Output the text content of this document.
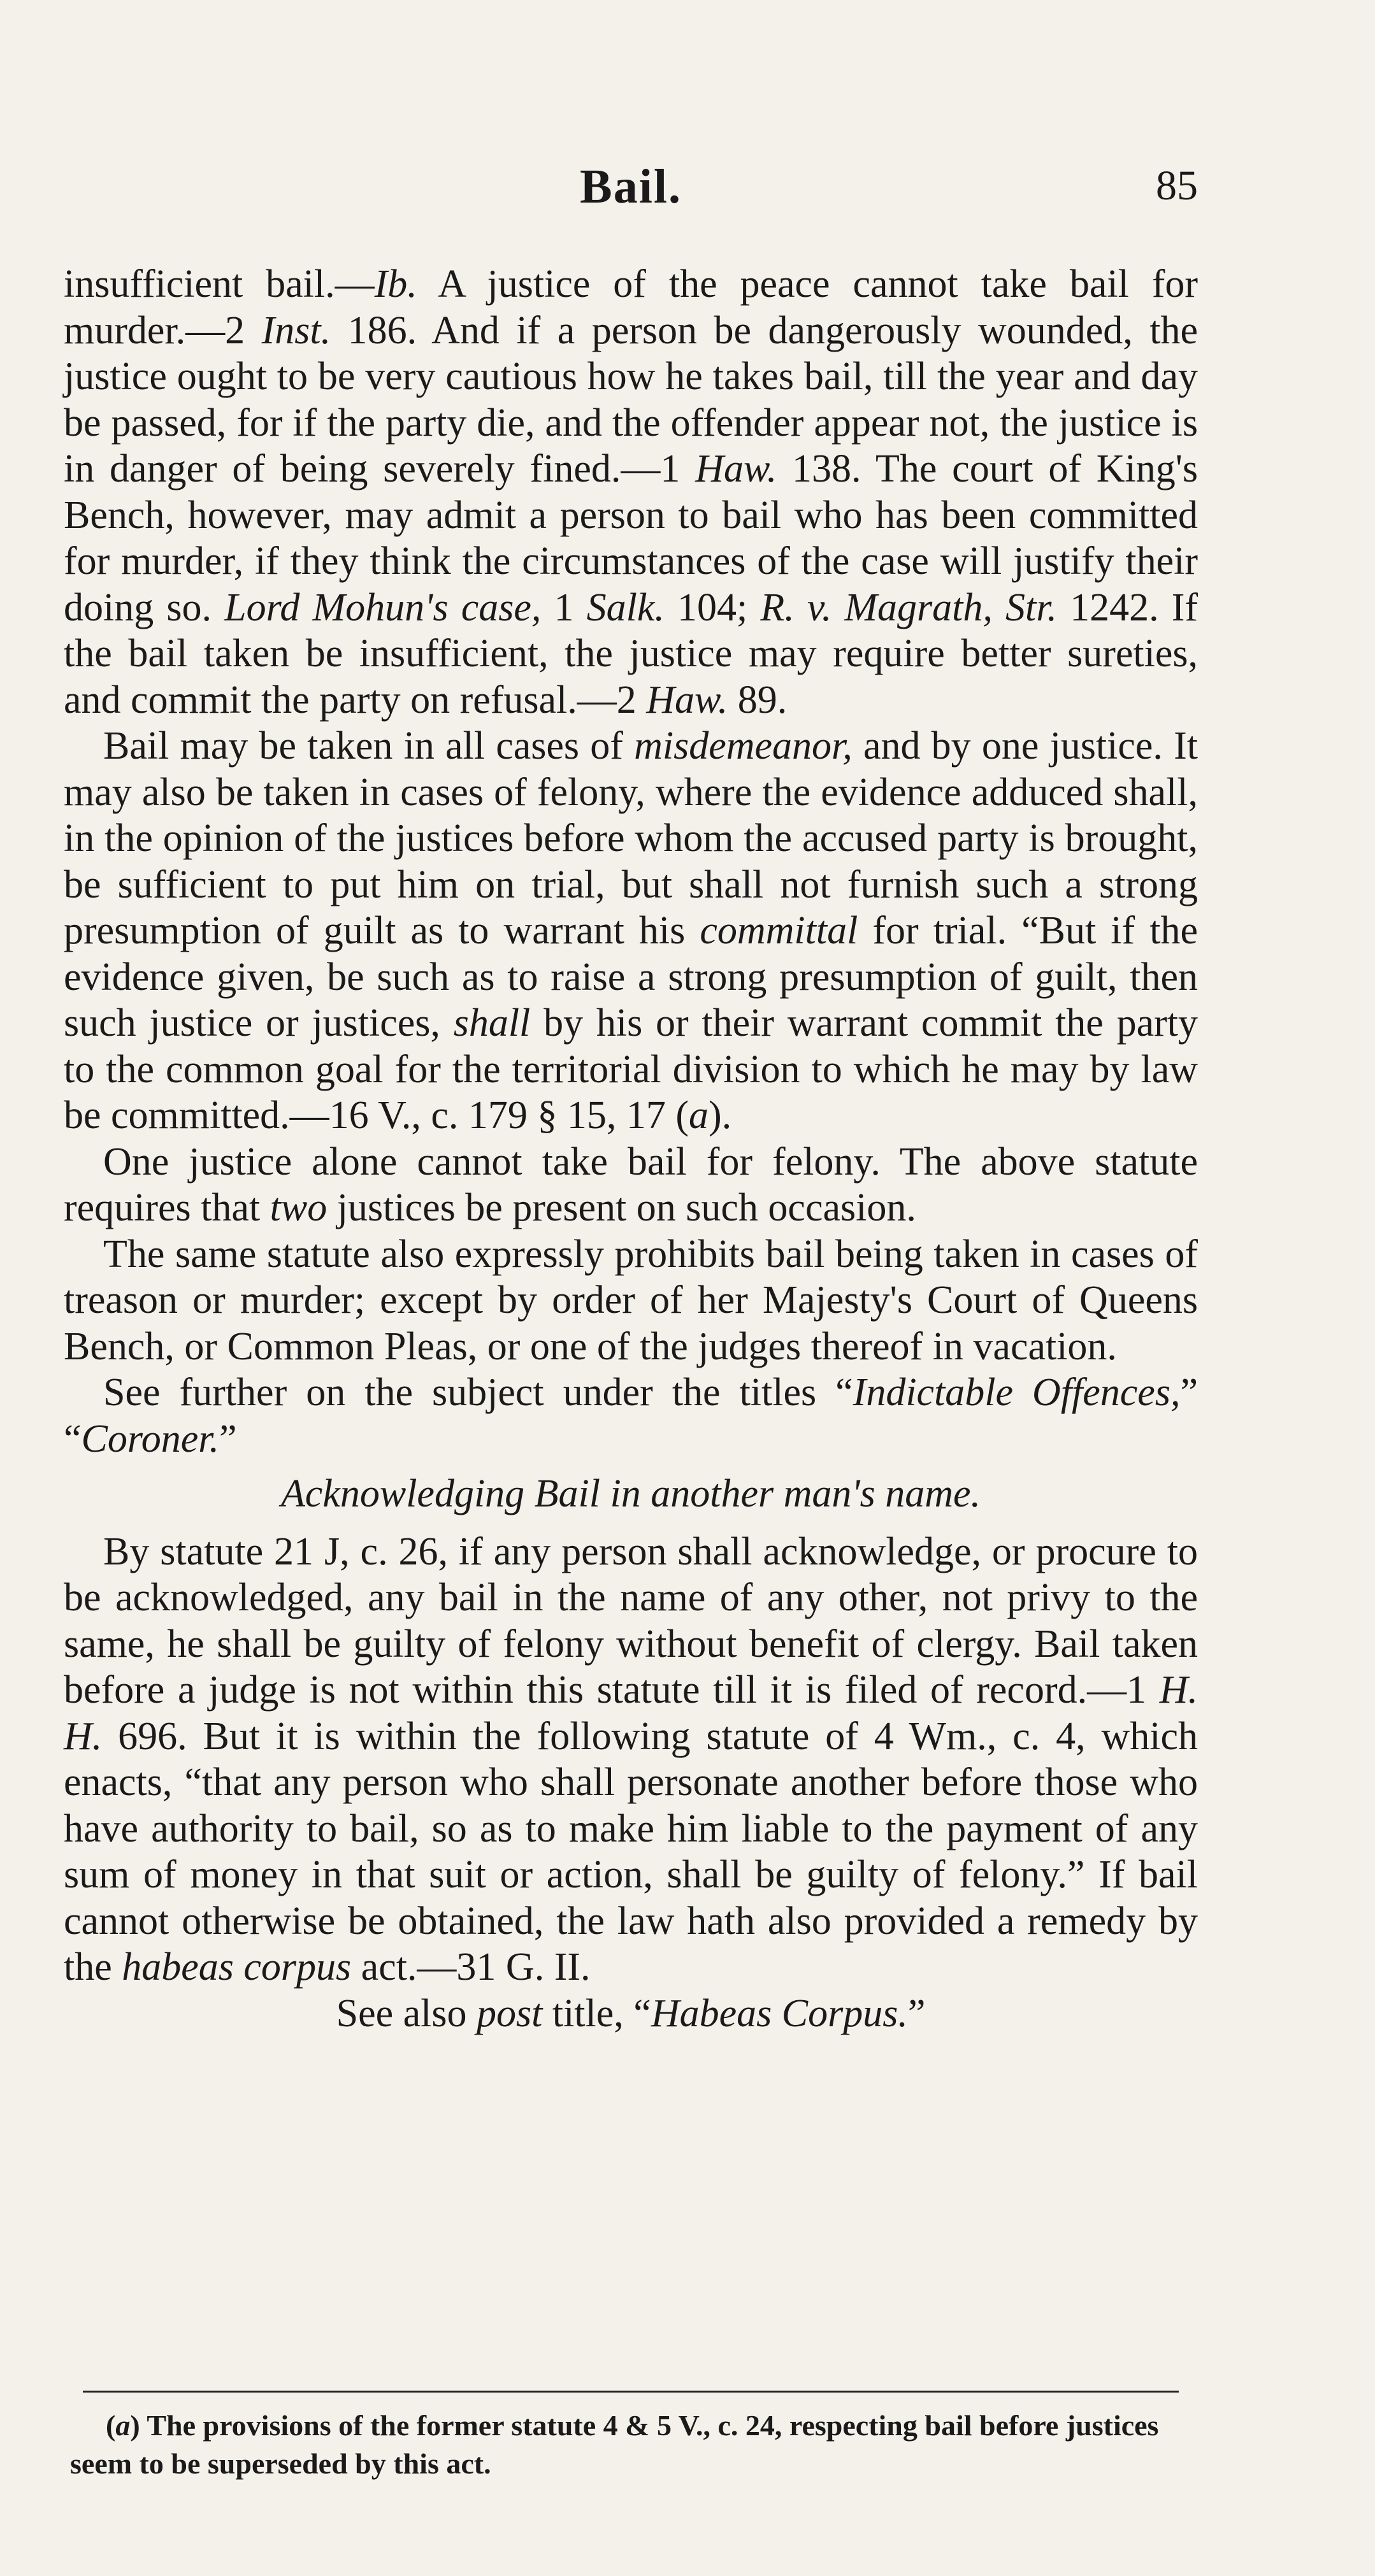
Bail.	85

insufficient bail.—Ib. A justice of the peace cannot take bail for murder.—2 Inst. 186. And if a person be dangerously wounded, the justice ought to be very cautious how he takes bail, till the year and day be passed, for if the party die, and the offender appear not, the justice is in danger of being severely fined.—1 Haw. 138. The court of King's Bench, however, may admit a person to bail who has been committed for murder, if they think the circumstances of the case will justify their doing so. Lord Mohun's case, 1 Salk. 104; R. v. Magrath, Str. 1242. If the bail taken be insufficient, the justice may require better sureties, and commit the party on refusal.—2 Haw. 89.

Bail may be taken in all cases of misdemeanor, and by one justice. It may also be taken in cases of felony, where the evidence adduced shall, in the opinion of the justices before whom the accused party is brought, be sufficient to put him on trial, but shall not furnish such a strong presumption of guilt as to warrant his committal for trial. “But if the evidence given, be such as to raise a strong presumption of guilt, then such justice or justices, shall by his or their warrant commit the party to the common goal for the territorial division to which he may by law be committed.—16 V., c. 179 § 15, 17 (a).

One justice alone cannot take bail for felony. The above statute requires that two justices be present on such occasion.

The same statute also expressly prohibits bail being taken in cases of treason or murder; except by order of her Majesty's Court of Queens Bench, or Common Pleas, or one of the judges thereof in vacation.

See further on the subject under the titles “Indictable Offences,” “Coroner.”

Acknowledging Bail in another man's name.

By statute 21 J, c. 26, if any person shall acknowledge, or procure to be acknowledged, any bail in the name of any other, not privy to the same, he shall be guilty of felony without benefit of clergy. Bail taken before a judge is not within this statute till it is filed of record.—1 H. H. 696. But it is within the following statute of 4 Wm., c. 4, which enacts, “that any person who shall personate another before those who have authority to bail, so as to make him liable to the payment of any sum of money in that suit or action, shall be guilty of felony.” If bail cannot otherwise be obtained, the law hath also provided a remedy by the habeas corpus act.—31 G. II.

See also post title, “Habeas Corpus.”

(a) The provisions of the former statute 4 & 5 V., c. 24, respecting bail before justices seem to be superseded by this act.
